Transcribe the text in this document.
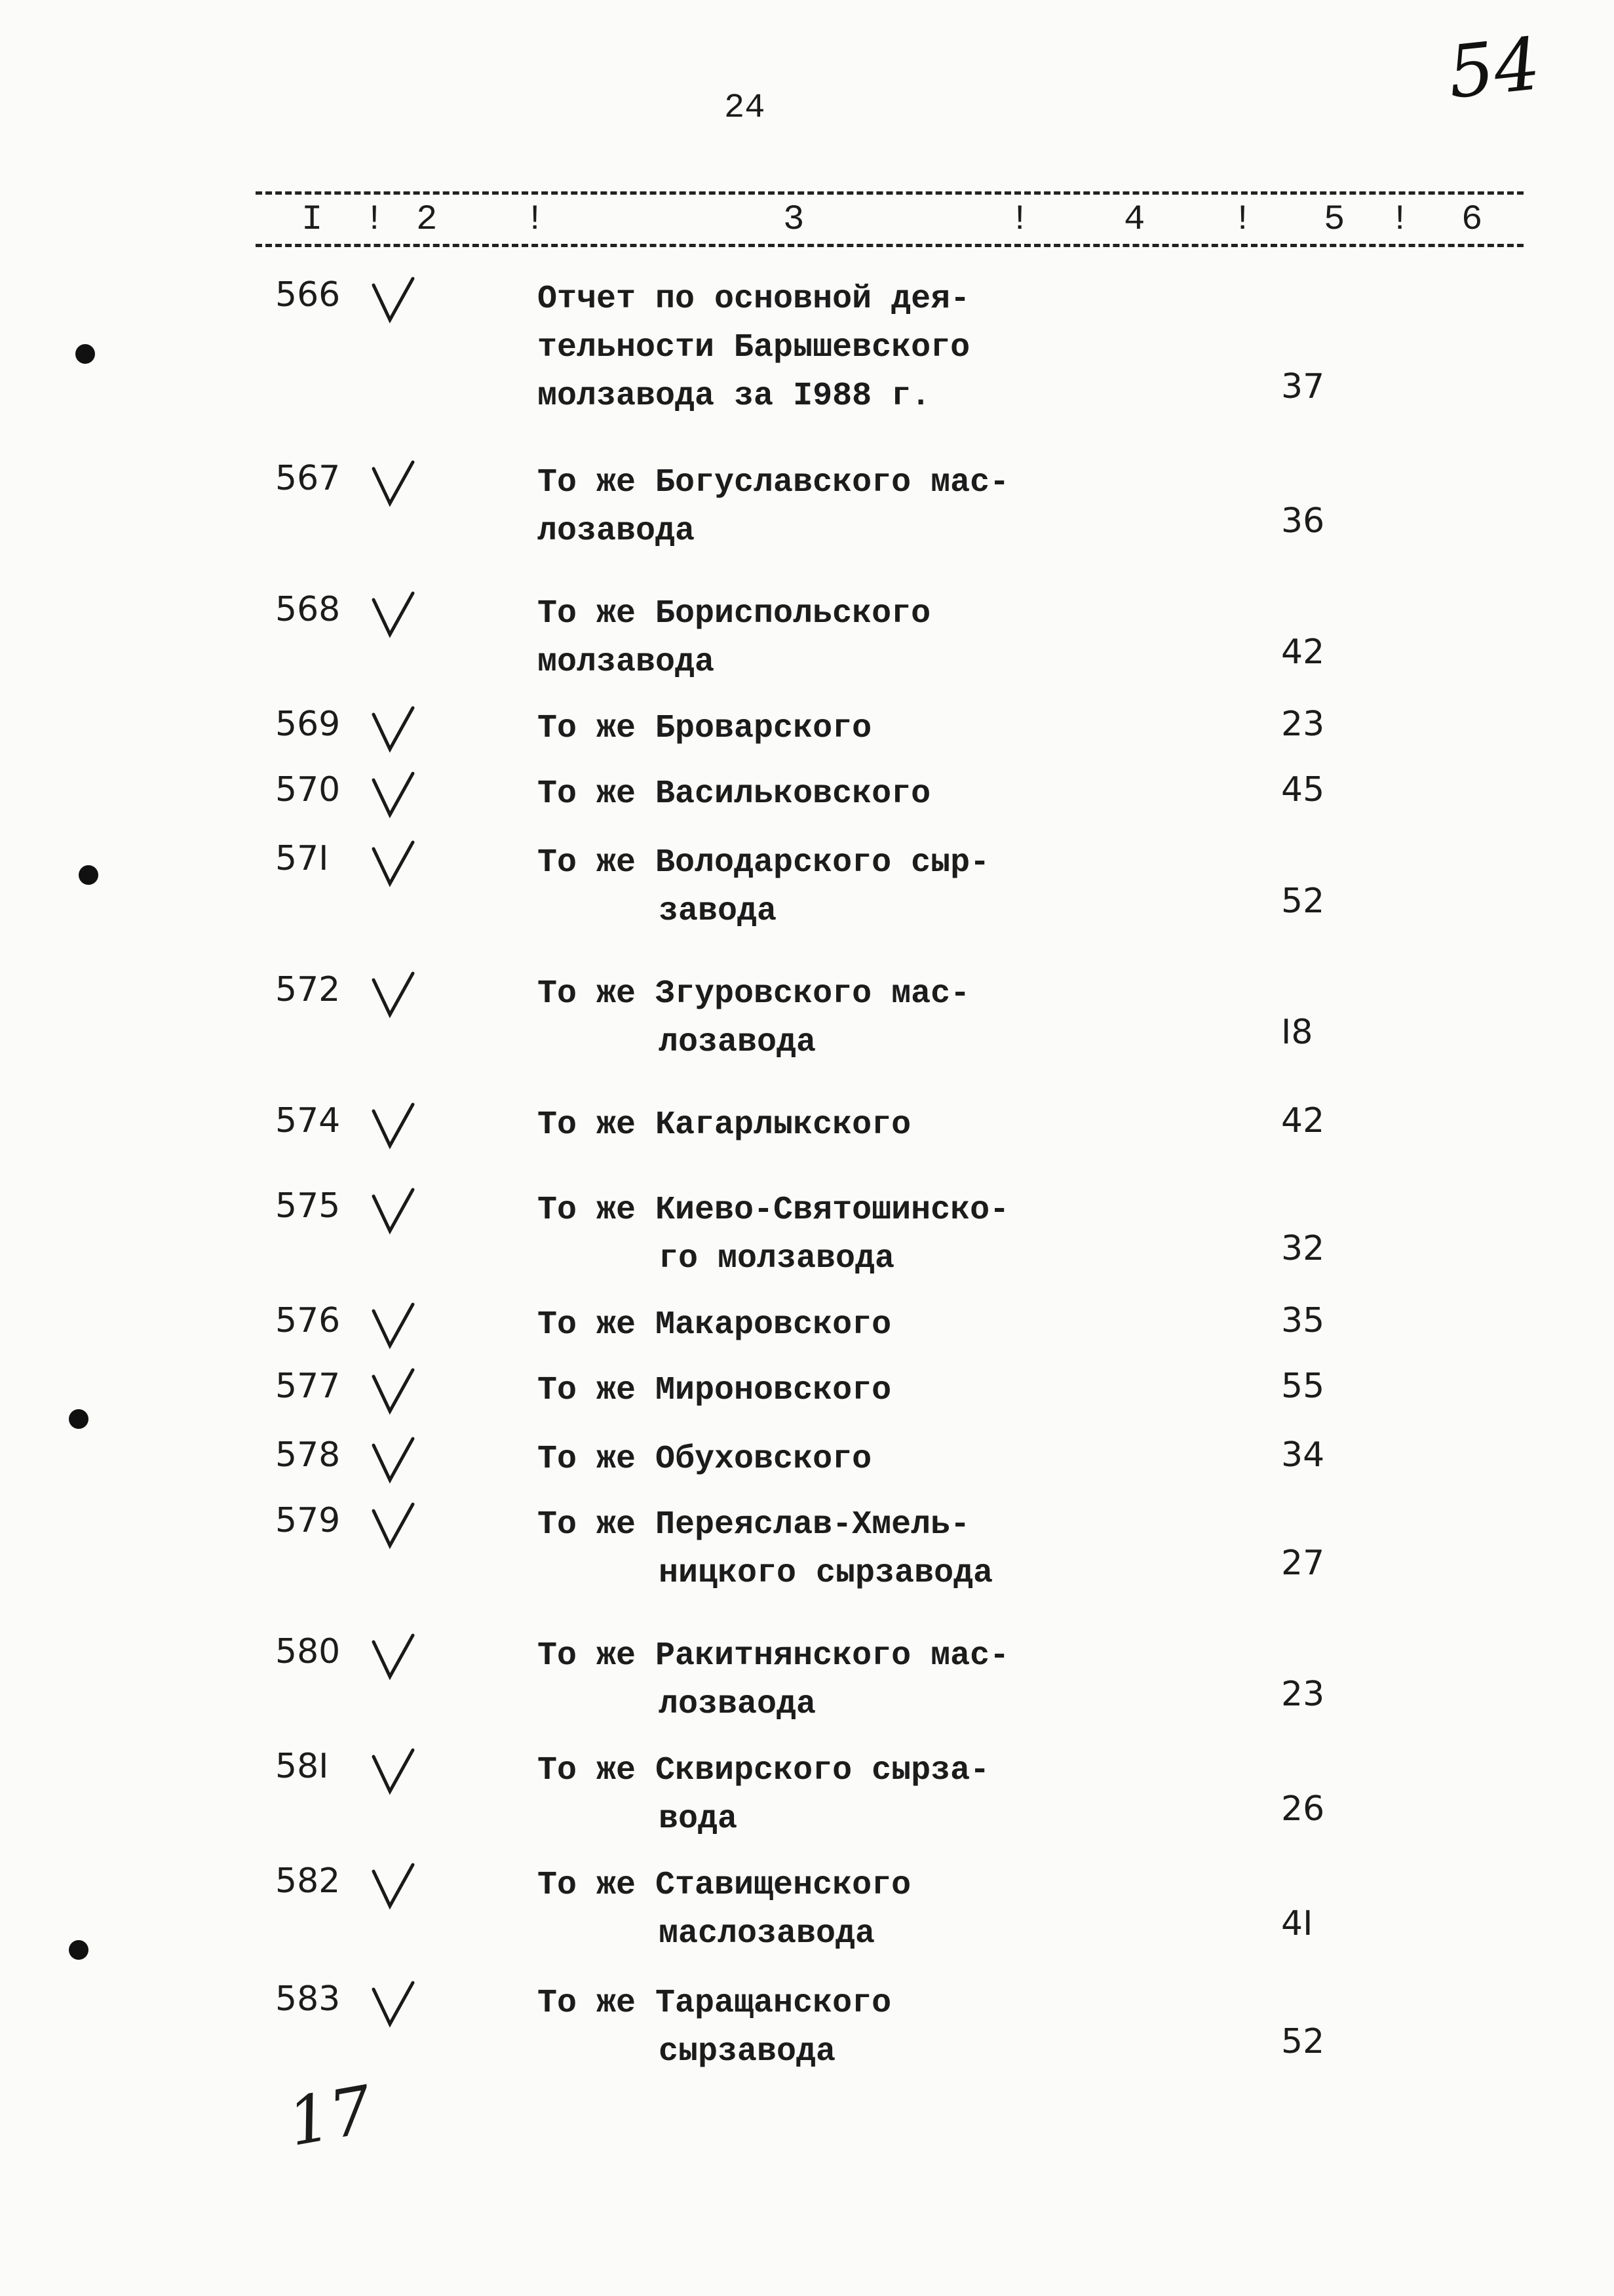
24	54
I ! 2 !	3	!	4 ! 5 ! 6
566	Отчет по основной дея-
тельности Барышевского
молзавода за I988 г.	37
567	То же Богуславского мас-
лозавода	36
568	То же Бориспольского
молзавода	42
569	То же Броварского	23
570	То же Васильковского	45
57I	То же Володарского сыр-
завода	52
572	То же Згуровского мас-
лозавода	I8
574	То же Кагарлыкского	42
575	То же Киево-Святошинско-
го молзавода	32
576	То же Макаровского	35
577	То же Мироновского	55
578	То же Обуховского	34
579	То же Переяслав-Хмель-
ницкого сырзавода	27
580	То же Ракитнянского мас-
лозваода	23
58I	То же Сквирского сырза-
вода	26
582	То же Ставищенского
маслозавода	4I
583	То же Таращанского
сырзавода	52
17
